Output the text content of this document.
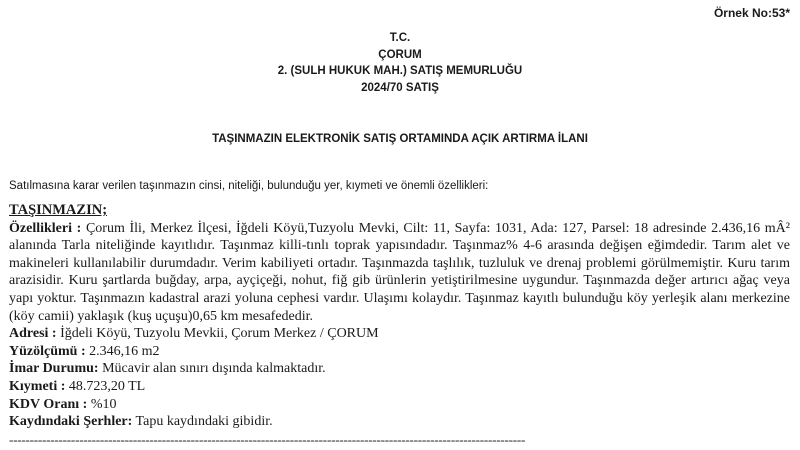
Örnek No:53*
T.C.
ÇORUM
2. (SULH HUKUK MAH.) SATIŞ MEMURLUĞU
2024/70 SATIŞ
TAŞINMAZIN ELEKTRONİK SATIŞ ORTAMINDA AÇIK ARTIRMA İLANI
Satılmasına karar verilen taşınmazın cinsi, niteliği, bulunduğu yer, kıymeti ve önemli özellikleri:
TAŞINMAZIN;
Özellikleri : Çorum İli, Merkez İlçesi, İğdeli Köyü,Tuzyolu Mevki, Cilt: 11, Sayfa: 1031, Ada: 127, Parsel: 18 adresinde 2.436,16 mÂ² alanında Tarla niteliğinde kayıtlıdır. Taşınmaz killi-tınlı toprak yapısındadır. Taşınmaz% 4-6 arasında değişen eğimdedir. Tarım alet ve makineleri kullanılabilir durumdadır. Verim kabiliyeti ortadır. Taşınmazda taşlılık, tuzluluk ve drenaj problemi görülmemiştir. Kuru tarım arazisidir. Kuru şartlarda buğday, arpa, ayçiçeği, nohut, fiğ gib ürünlerin yetiştirilmesine uygundur. Taşınmazda değer artırıcı ağaç veya yapı yoktur. Taşınmazın kadastral arazi yoluna cephesi vardır. Ulaşımı kolaydır. Taşınmaz kayıtlı bulunduğu köy yerleşik alanı merkezine (köy camii) yaklaşık (kuş uçuşu)0,65 km mesafededir.
Adresi : İğdeli Köyü, Tuzyolu Mevkii, Çorum Merkez / ÇORUM
Yüzölçümü : 2.346,16 m2
İmar Durumu: Mücavir alan sınırı dışında kalmaktadır.
Kıymeti : 48.723,20 TL
KDV Oranı : %10
Kaydındaki Şerhler: Tapu kaydındaki gibidir.
-----------------------------------------------------------------------------------------------------------------------------
